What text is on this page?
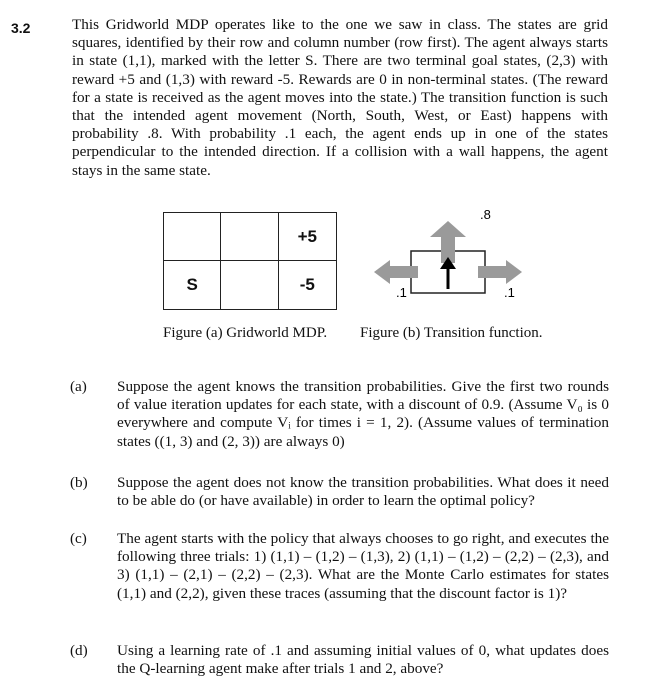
3.2	This Gridworld MDP operates like to the one we saw in class. The states are grid squares, identified by their row and column number (row first). The agent always starts in state (1,1), marked with the letter S. There are two terminal goal states, (2,3) with reward +5 and (1,3) with reward -5. Rewards are 0 in non-terminal states. (The reward for a state is received as the agent moves into the state.) The transition function is such that the intended agent movement (North, South, West, or East) happens with probability .8. With probability .1 each, the agent ends up in one of the states perpendicular to the intended direction. If a collision with a wall happens, the agent stays in the same state.
+5
S	-5
.8
.1	.1
Figure (a) Gridworld MDP. Figure (b) Transition function.
(a) Suppose the agent knows the transition probabilities. Give the first two rounds of value iteration updates for each state, with a discount of 0.9. (Assume V₀ is 0 everywhere and compute Vᵢ for times i = 1, 2). (Assume values of termination states ((1, 3) and (2, 3)) are always 0)
(b) Suppose the agent does not know the transition probabilities. What does it need to be able do (or have available) in order to learn the optimal policy?
(c) The agent starts with the policy that always chooses to go right, and executes the following three trials: 1) (1,1) – (1,2) – (1,3), 2) (1,1) – (1,2) – (2,2) – (2,3), and 3) (1,1) – (2,1) – (2,2) – (2,3). What are the Monte Carlo estimates for states (1,1) and (2,2), given these traces (assuming that the discount factor is 1)?
(d) Using a learning rate of .1 and assuming initial values of 0, what updates does the Q-learning agent make after trials 1 and 2, above?
